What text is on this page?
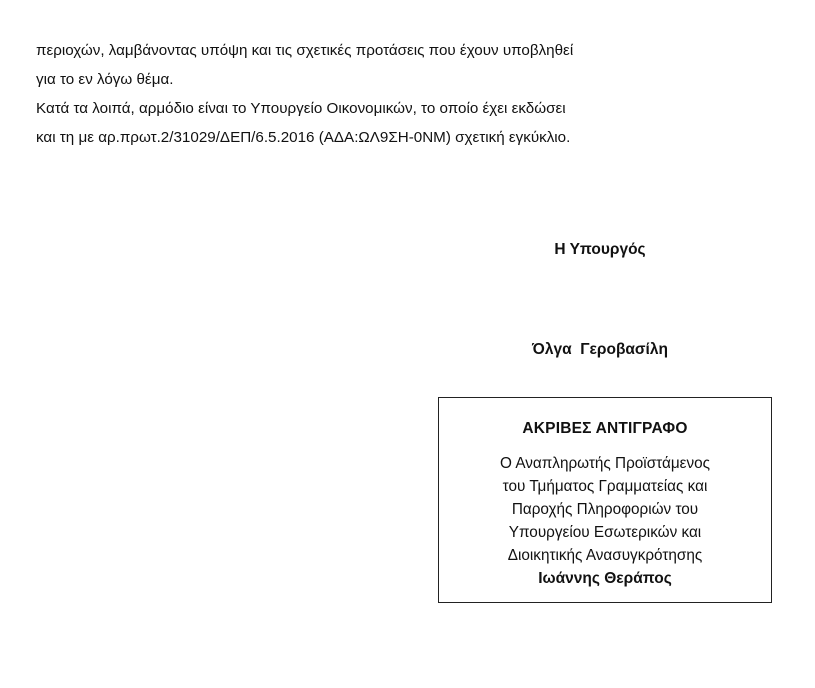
περιοχών, λαμβάνοντας υπόψη και τις σχετικές προτάσεις που έχουν υποβληθεί
για το εν λόγω θέμα.

Κατά τα λοιπά, αρμόδιο είναι το Υπουργείο Οικονομικών, το οποίο έχει εκδώσει
και τη με αρ.πρωτ.2/31029/ΔΕΠ/6.5.2016 (ΑΔΑ:ΩΛ9ΣΗ-0ΝΜ) σχετική εγκύκλιο.

Η Υπουργός
Όλγα  Γεροβασίλη
ΑΚΡΙΒΕΣ ΑΝΤΙΓΡΑΦΟ
Ο Αναπληρωτής Προϊστάμενος
του Τμήματος Γραμματείας και
Παροχής Πληροφοριών του
Υπουργείου Εσωτερικών και
Διοικητικής Ανασυγκρότησης
Ιωάννης Θεράπος
